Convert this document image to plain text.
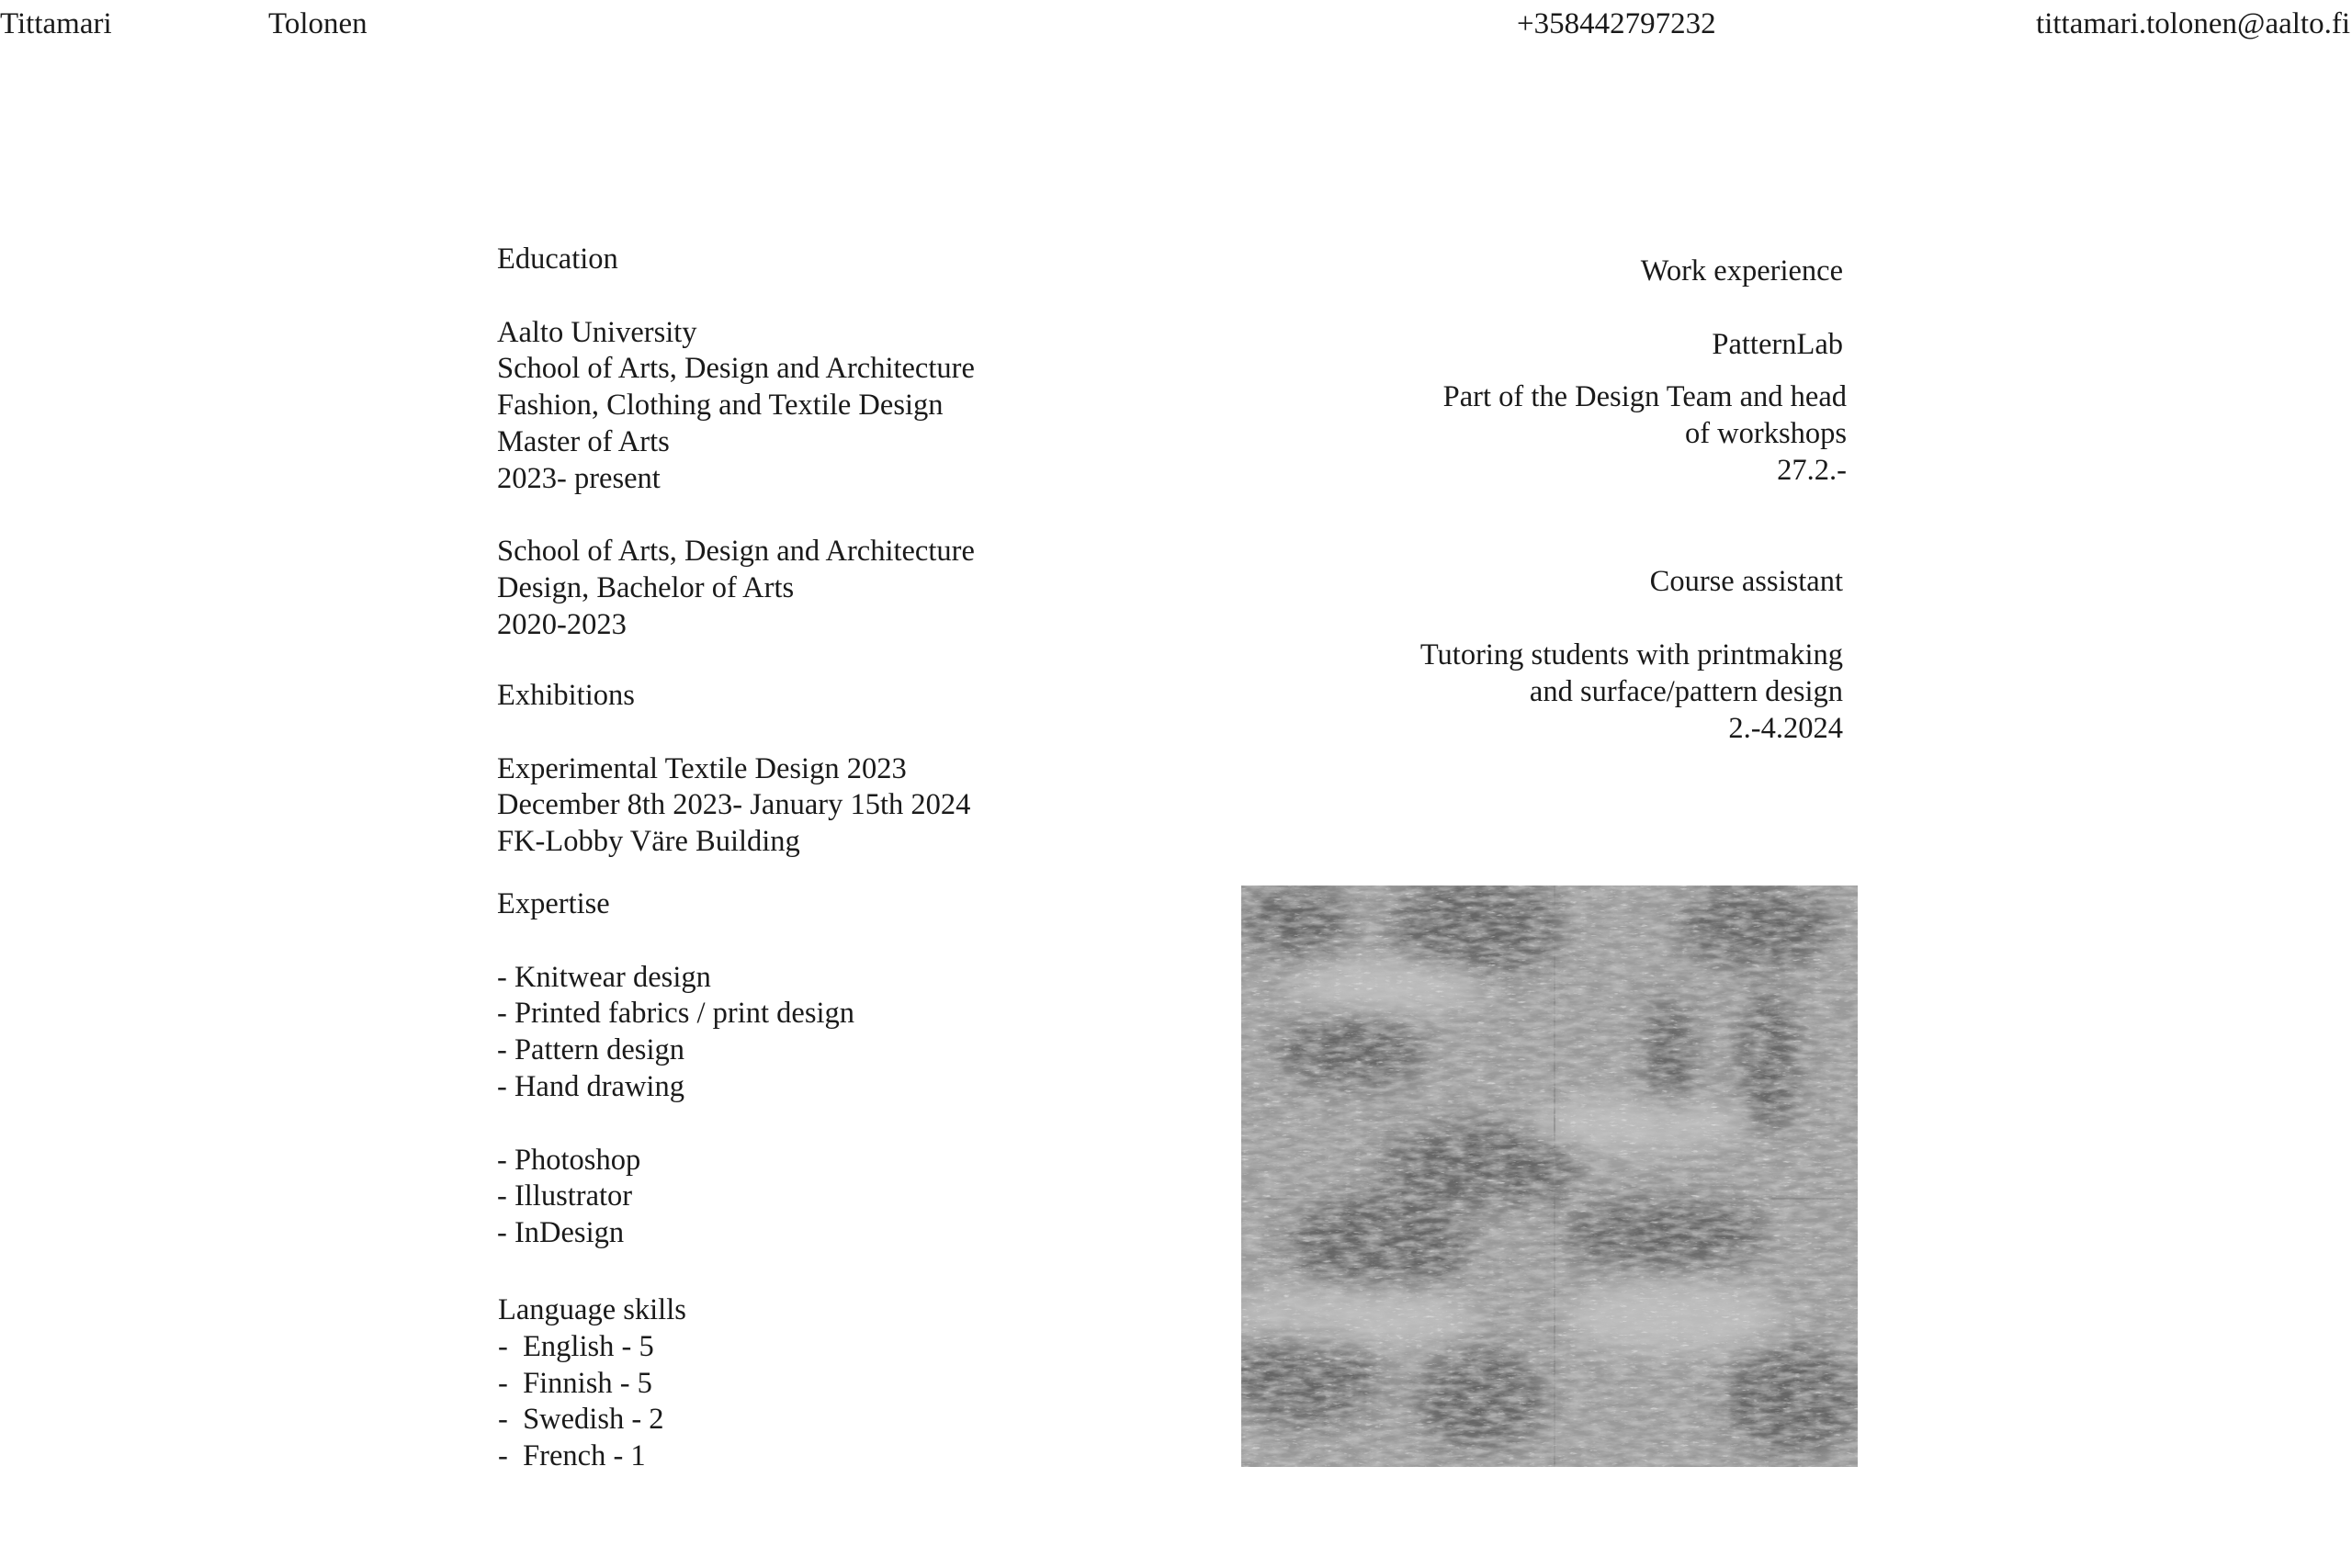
Tittamari	Tolonen	+358442797232	tittamari.tolonen@aalto.fi
Education
Aalto University
School of Arts, Design and Architecture
Fashion, Clothing and Textile Design
Master of Arts
2023- present
School of Arts, Design and Architecture
Design, Bachelor of Arts
2020-2023
Exhibitions
Experimental Textile Design 2023
December 8th 2023- January 15th 2024
FK-Lobby Väre Building
Expertise
- Knitwear design
- Printed fabrics / print design
- Pattern design
- Hand drawing
- Photoshop
- Illustrator
- InDesign
Language skills
-  English - 5
-  Finnish - 5
-  Swedish - 2
-  French - 1
Work experience
PatternLab
Part of the Design Team and head
of workshops
27.2.-
Course assistant
Tutoring students with printmaking
and surface/pattern design
2.-4.2024
